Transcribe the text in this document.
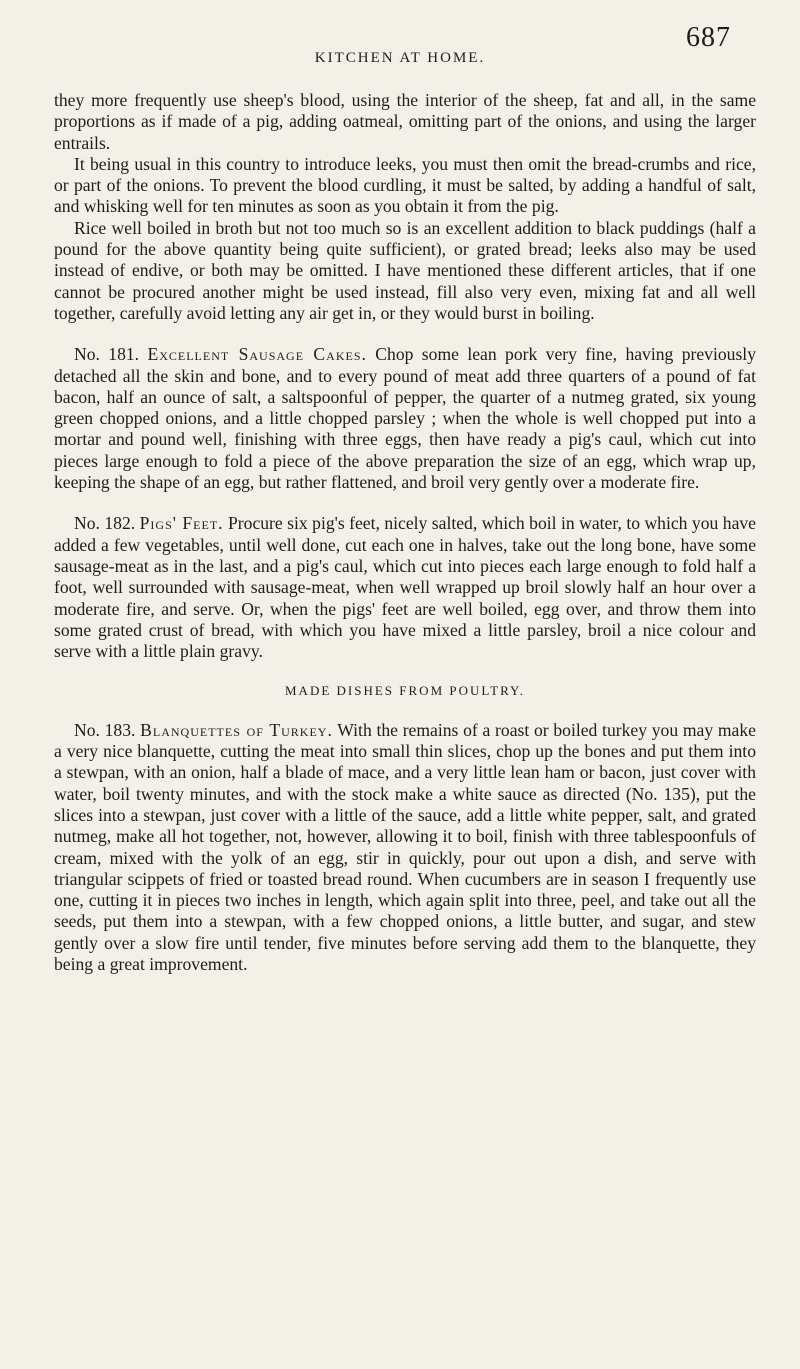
KITCHEN AT HOME.
687

they more frequently use sheep's blood, using the interior of the sheep, fat and all, in the same proportions as if made of a pig, adding oatmeal, omitting part of the onions, and using the larger entrails.

It being usual in this country to introduce leeks, you must then omit the bread-crumbs and rice, or part of the onions. To prevent the blood curdling, it must be salted, by adding a handful of salt, and whisking well for ten minutes as soon as you obtain it from the pig.

Rice well boiled in broth but not too much so is an excellent addition to black puddings (half a pound for the above quantity being quite sufficient), or grated bread; leeks also may be used instead of endive, or both may be omitted. I have mentioned these different articles, that if one cannot be procured another might be used instead, fill also very even, mixing fat and all well together, carefully avoid letting any air get in, or they would burst in boiling.

No. 181. Excellent Sausage Cakes. Chop some lean pork very fine, having previously detached all the skin and bone, and to every pound of meat add three quarters of a pound of fat bacon, half an ounce of salt, a saltspoonful of pepper, the quarter of a nutmeg grated, six young green chopped onions, and a little chopped parsley ; when the whole is well chopped put into a mortar and pound well, finishing with three eggs, then have ready a pig's caul, which cut into pieces large enough to fold a piece of the above preparation the size of an egg, which wrap up, keeping the shape of an egg, but rather flattened, and broil very gently over a moderate fire.

No. 182. Pigs' Feet. Procure six pig's feet, nicely salted, which boil in water, to which you have added a few vegetables, until well done, cut each one in halves, take out the long bone, have some sausage-meat as in the last, and a pig's caul, which cut into pieces each large enough to fold half a foot, well surrounded with sausage-meat, when well wrapped up broil slowly half an hour over a moderate fire, and serve. Or, when the pigs' feet are well boiled, egg over, and throw them into some grated crust of bread, with which you have mixed a little parsley, broil a nice colour and serve with a little plain gravy.

MADE DISHES FROM POULTRY.

No. 183. Blanquettes of Turkey. With the remains of a roast or boiled turkey you may make a very nice blanquette, cutting the meat into small thin slices, chop up the bones and put them into a stewpan, with an onion, half a blade of mace, and a very little lean ham or bacon, just cover with water, boil twenty minutes, and with the stock make a white sauce as directed (No. 135), put the slices into a stewpan, just cover with a little of the sauce, add a little white pepper, salt, and grated nutmeg, make all hot together, not, however, allowing it to boil, finish with three tablespoonfuls of cream, mixed with the yolk of an egg, stir in quickly, pour out upon a dish, and serve with triangular scippets of fried or toasted bread round. When cucumbers are in season I frequently use one, cutting it in pieces two inches in length, which again split into three, peel, and take out all the seeds, put them into a stewpan, with a few chopped onions, a little butter, and sugar, and stew gently over a slow fire until tender, five minutes before serving add them to the blanquette, they being a great improvement.
